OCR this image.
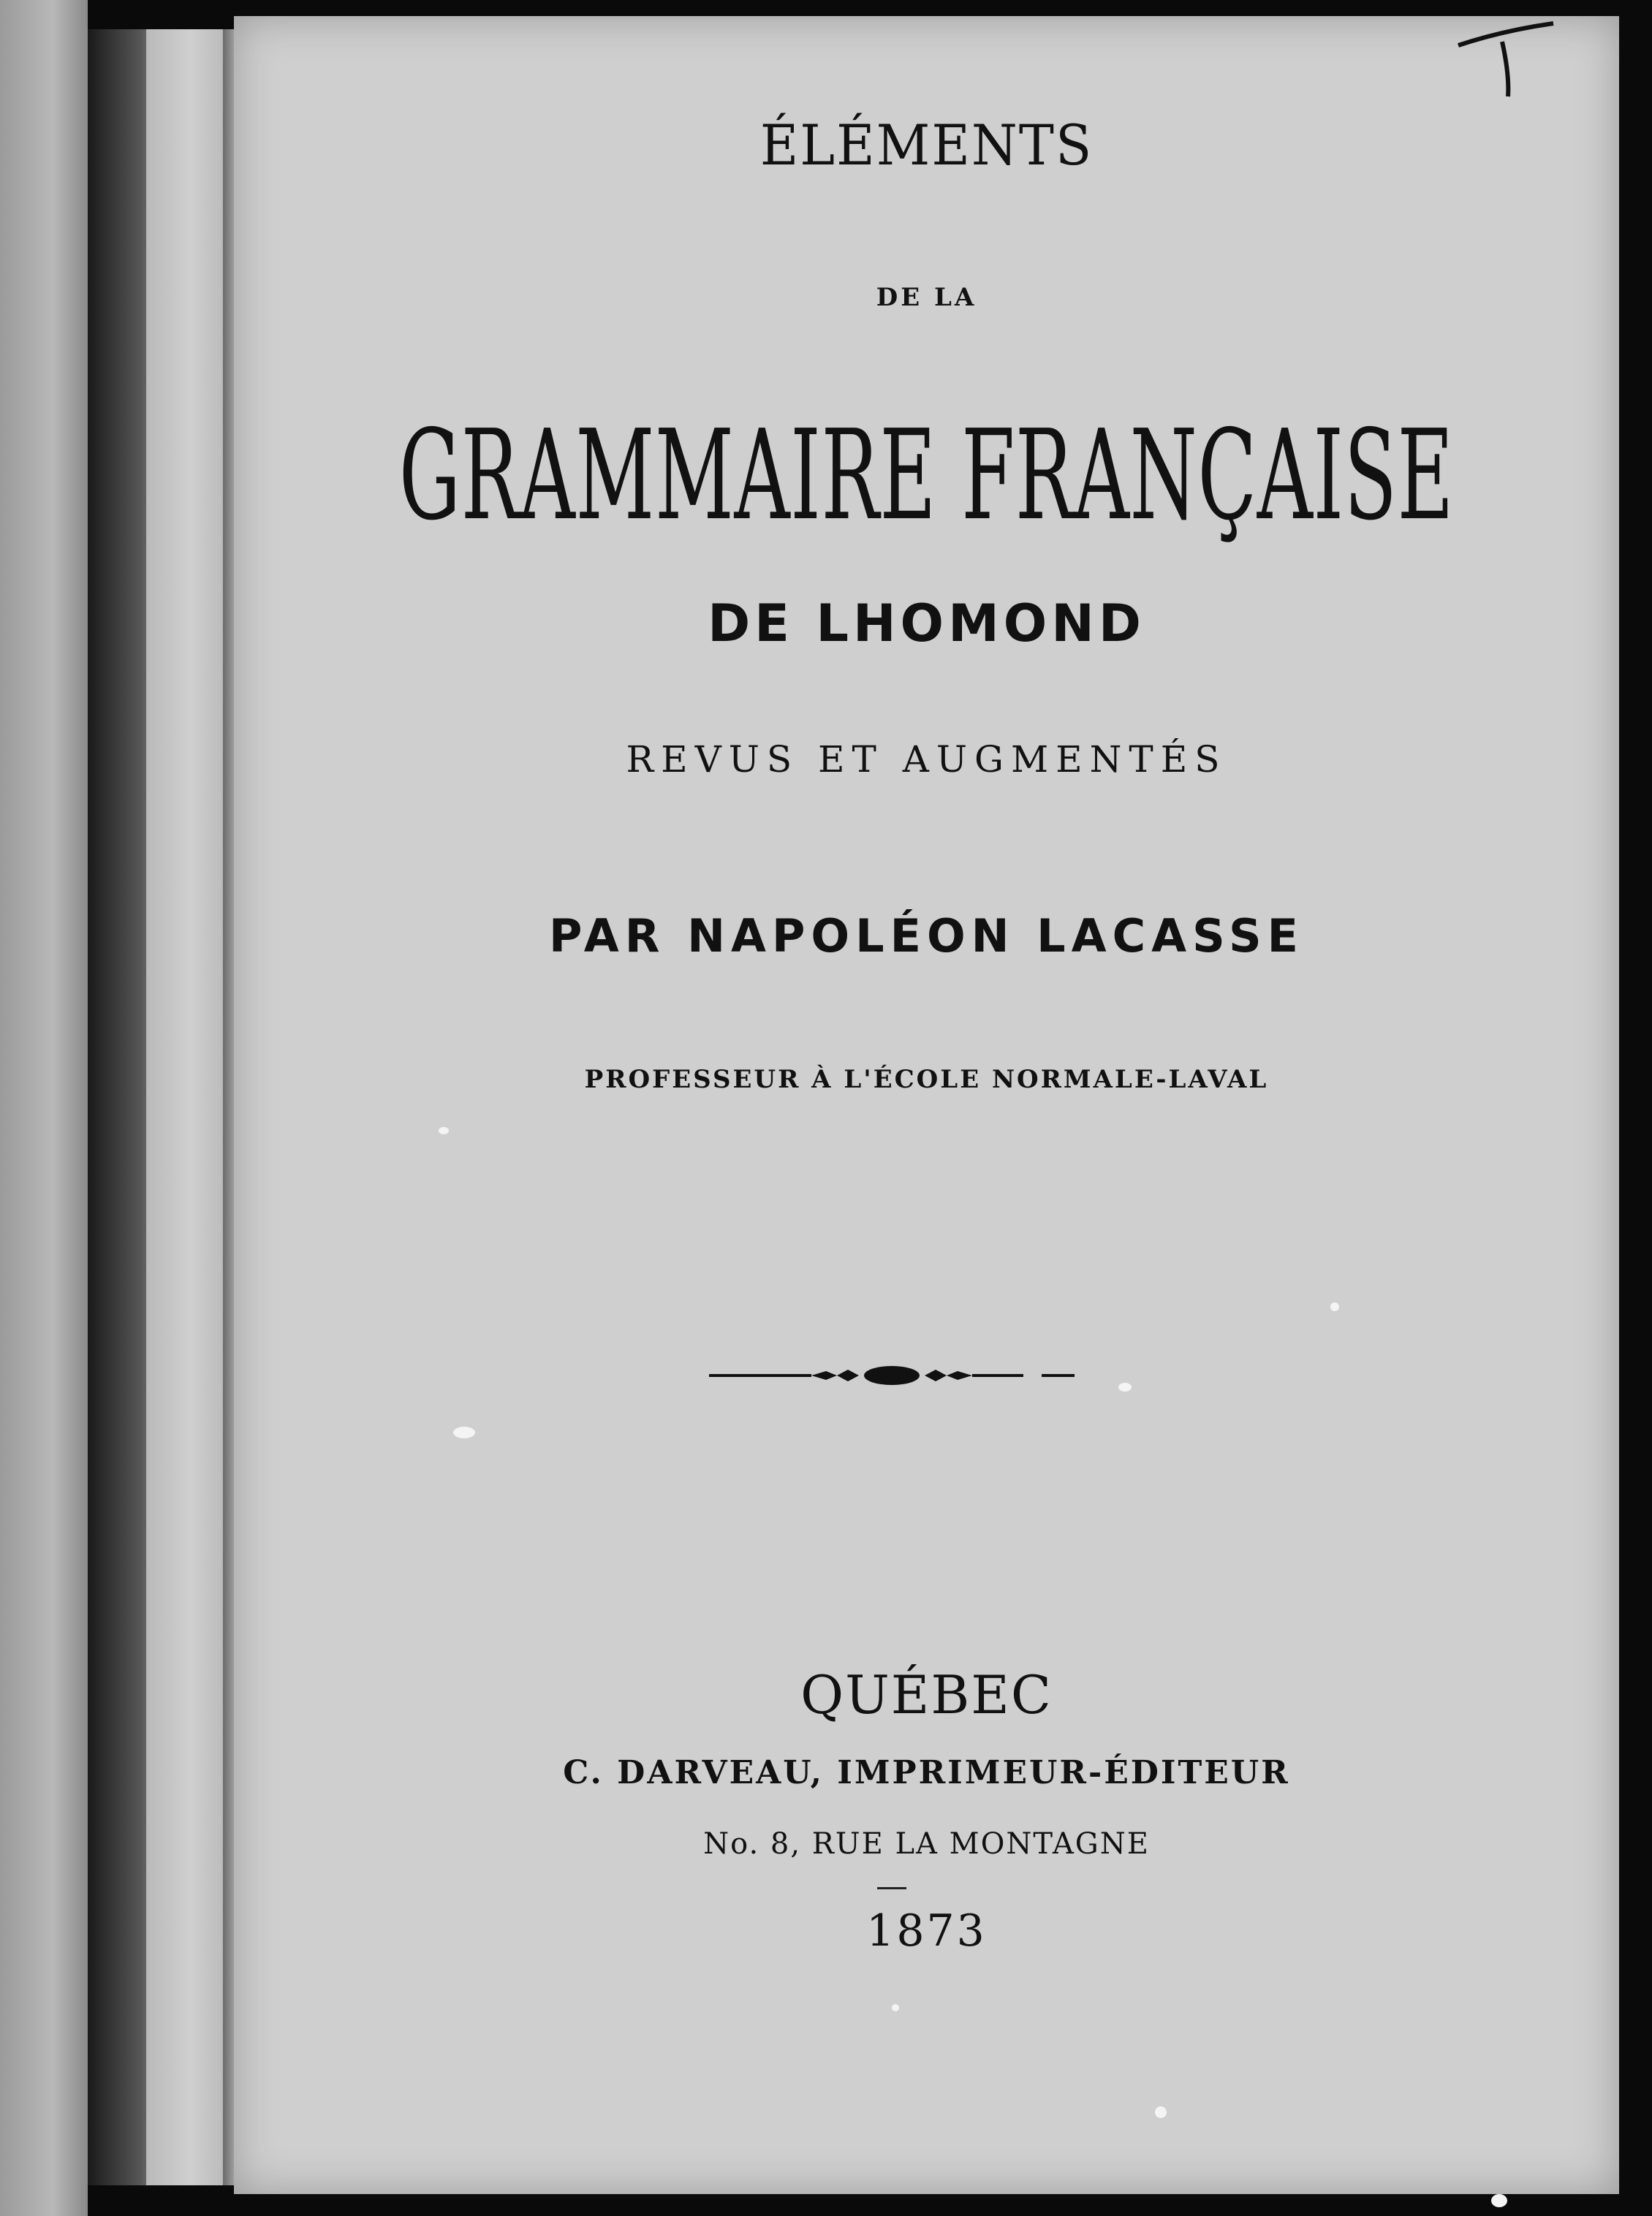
ÉLÉMENTS

DE LA

GRAMMAIRE FRANÇAISE

DE LHOMOND

REVUS ET AUGMENTÉS

PAR NAPOLÉON LACASSE

PROFESSEUR À L'ÉCOLE NORMALE-LAVAL

QUÉBEC

C. DARVEAU, IMPRIMEUR-ÉDITEUR

No. 8, RUE LA MONTAGNE

1873
